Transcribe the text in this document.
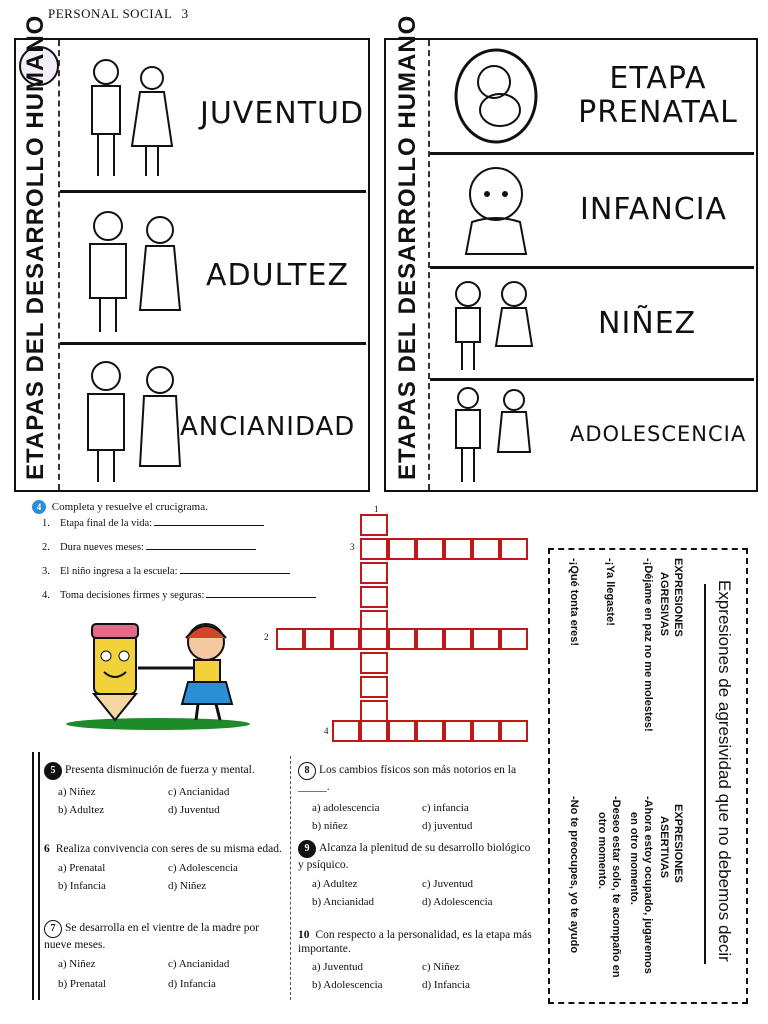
PERSONAL SOCIAL 3
ETAPAS DEL DESARROLLO HUMANO	JUVENTUD
ADULTEZ
ANCIANIDAD ETAPAS DEL DESARROLLO HUMANO	ETAPA PRENATAL
INFANCIA
NIÑEZ
ADOLESCENCIA
4 Completa y resuelve el crucigrama.
1. Etapa final de la vida:
2. Dura nueves meses:
3. El niño ingresa a la escuela:
4. Toma decisiones firmes y seguras:
1
2
3
4	Expresiones de agresividad que no debemos decir
EXPRESIONES
AGRESIVAS
-¡Déjame en paz no me molestes!
-¡Ya llegaste!
-¡Qué tonta eres!
EXPRESIONES
ASERTIVAS
-Ahora estoy ocupado, jugaremos
en otro momento.
-Deseo estar solo, te acompaño en
otro momento.
-No te preocupes, yo te ayudo
5 Presenta disminución de fuerza y mental.
a) Niñez	c) Ancianidad
b) Adultez	d) Juventud
6 Realiza convivencia con seres de su misma edad.
a) Prenatal	c) Adolescencia
b) Infancia	d) Niñez
7 Se desarrolla en el vientre de la madre por nueve meses.
a) Niñez	c) Ancianidad
b) Prenatal	d) Infancia
8 Los cambios físicos son más notorios en la _____.
a) adolescencia	c) infancia
b) niñez	d) juventud
9 Alcanza la plenitud de su desarrollo biológico y psíquico.
a) Adultez	c) Juventud
b) Ancianidad	d) Adolescencia
10 Con respecto a la personalidad, es la etapa más importante.
a) Juventud	c) Niñez
b) Adolescencia	d) Infancia
